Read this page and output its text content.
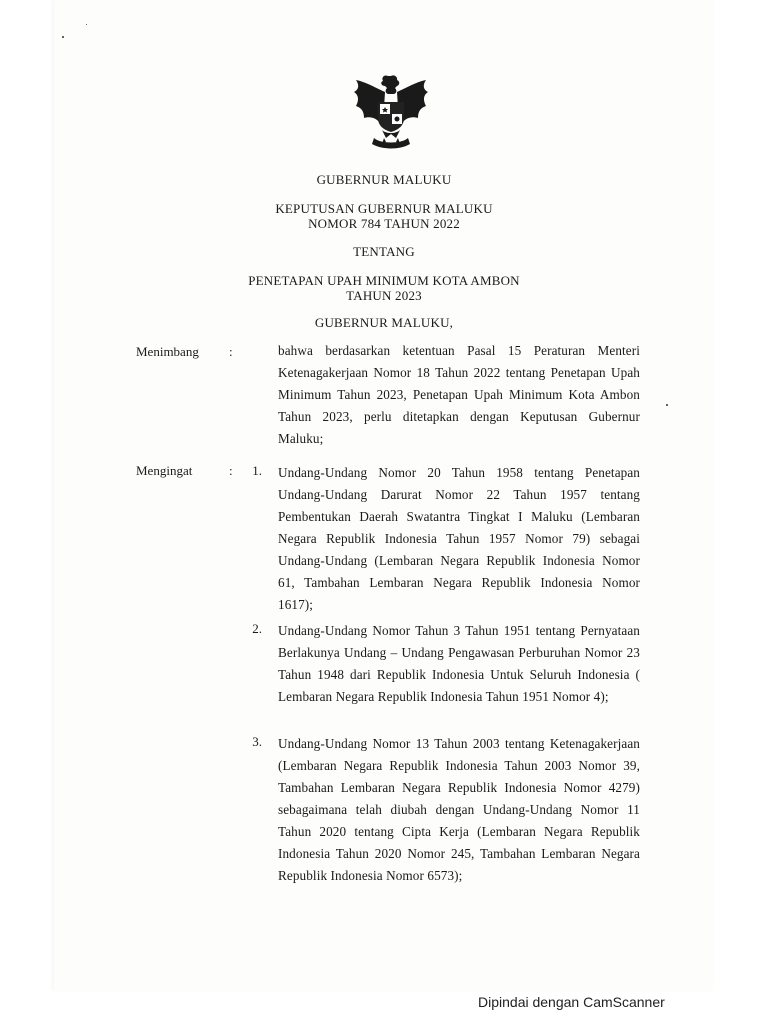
GUBERNUR MALUKU
KEPUTUSAN GUBERNUR MALUKU
NOMOR 784 TAHUN 2022
TENTANG
PENETAPAN UPAH MINIMUM KOTA AMBON
TAHUN 2023
GUBERNUR MALUKU,
Menimbang :	bahwa berdasarkan ketentuan Pasal 15 Peraturan Menteri Ketenagakerjaan Nomor 18 Tahun 2022 tentang Penetapan Upah Minimum Tahun 2023, Penetapan Upah Minimum Kota Ambon Tahun 2023, perlu ditetapkan dengan Keputusan Gubernur Maluku;
Mengingat	:	1. Undang-Undang Nomor 20 Tahun 1958 tentang Penetapan Undang-Undang Darurat Nomor 22 Tahun 1957 tentang Pembentukan Daerah Swatantra Tingkat I Maluku (Lembaran Negara Republik Indonesia Tahun 1957 Nomor 79) sebagai Undang-Undang (Lembaran Negara Republik Indonesia Nomor 61, Tambahan Lembaran Negara Republik Indonesia Nomor 1617);
2. Undang-Undang Nomor Tahun 3 Tahun 1951 tentang Pernyataan Berlakunya Undang – Undang Pengawasan Perburuhan Nomor 23 Tahun 1948 dari Republik Indonesia Untuk Seluruh Indonesia ( Lembaran Negara Republik Indonesia Tahun 1951 Nomor 4);
3. Undang-Undang Nomor 13 Tahun 2003 tentang Ketenagakerjaan (Lembaran Negara Republik Indonesia Tahun 2003 Nomor 39, Tambahan Lembaran Negara Republik Indonesia Nomor 4279) sebagaimana telah diubah dengan Undang-Undang Nomor 11 Tahun 2020 tentang Cipta Kerja (Lembaran Negara Republik Indonesia Tahun 2020 Nomor 245, Tambahan Lembaran Negara Republik Indonesia Nomor 6573);
Dipindai dengan CamScanner
